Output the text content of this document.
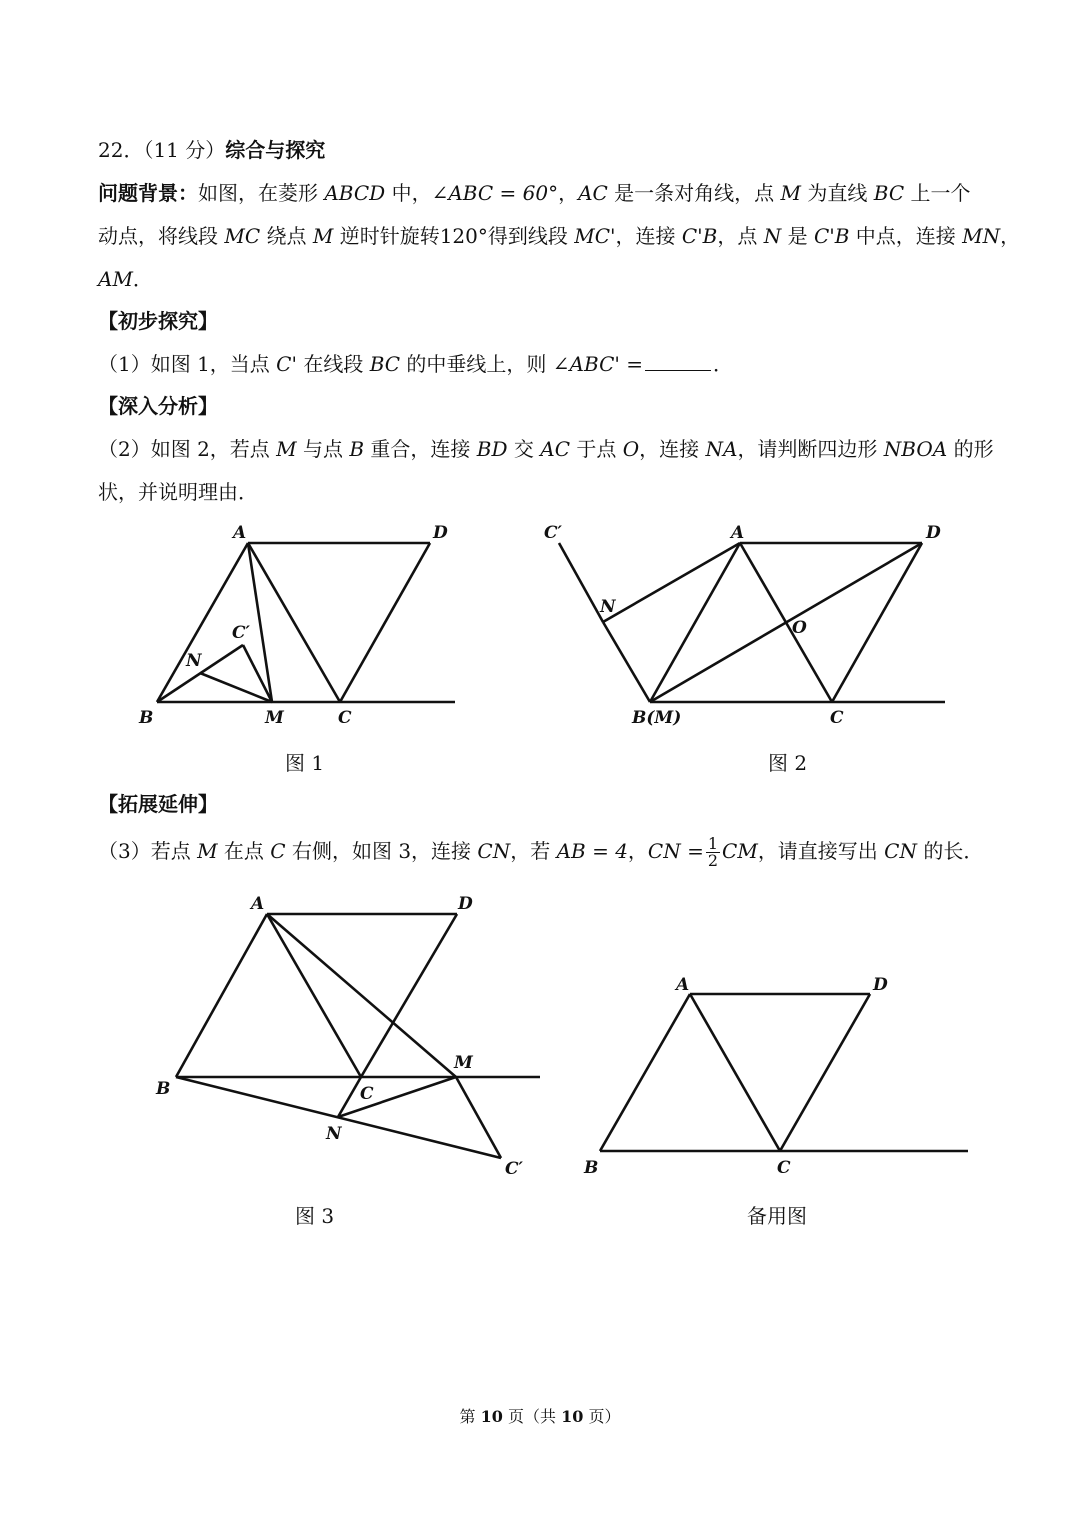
22．（11 分）综合与探究
问题背景：如图，在菱形 ABCD 中，∠ABC = 60°，AC 是一条对角线，点 M 为直线 BC 上一个
动点，将线段 MC 绕点 M 逆时针旋转120°得到线段 MC'，连接 C'B，点 N 是 C'B 中点，连接 MN，
AM．
【初步探究】
（1）如图 1，当点 C' 在线段 BC 的中垂线上，则 ∠ABC' =	．
【深入分析】
（2）如图 2，若点 M 与点 B 重合，连接 BD 交 AC 于点 O，连接 NA，请判断四边形 NBOA 的形
状，并说明理由．
A	D
B	M	C
N
C′
图 1
C′	A	D
N
O
B(M)	C
图 2
【拓展延伸】
（3）若点 M 在点 C 右侧，如图 3，连接 CN，若 AB = 4，CN = $\frac{1}{2}$ CM，请直接写出 CN 的长．
A	D
B	C
M
N
C′
图 3
A	D
B	C
备用图
第 10 页（共 10 页）
